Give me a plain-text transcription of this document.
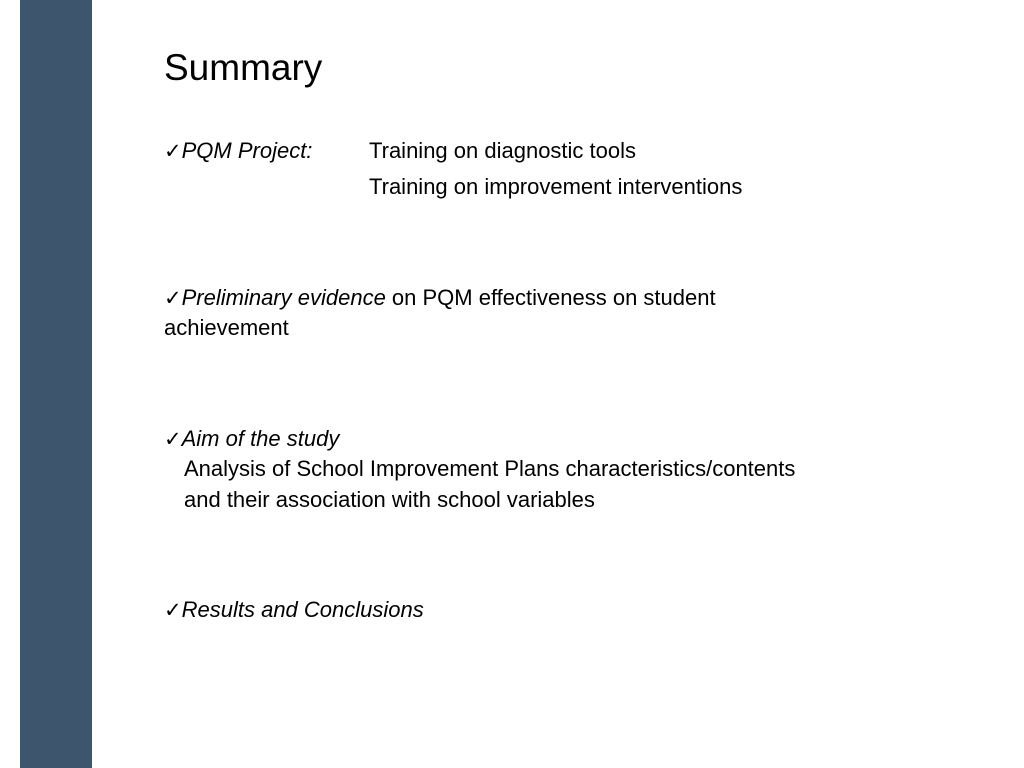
Summary
✓PQM Project:	Training on diagnostic tools
Training on improvement interventions
✓Preliminary evidence on PQM effectiveness on student
achievement
✓Aim of the study
Analysis of School Improvement Plans characteristics/contents
and their association with school variables
✓Results and Conclusions
